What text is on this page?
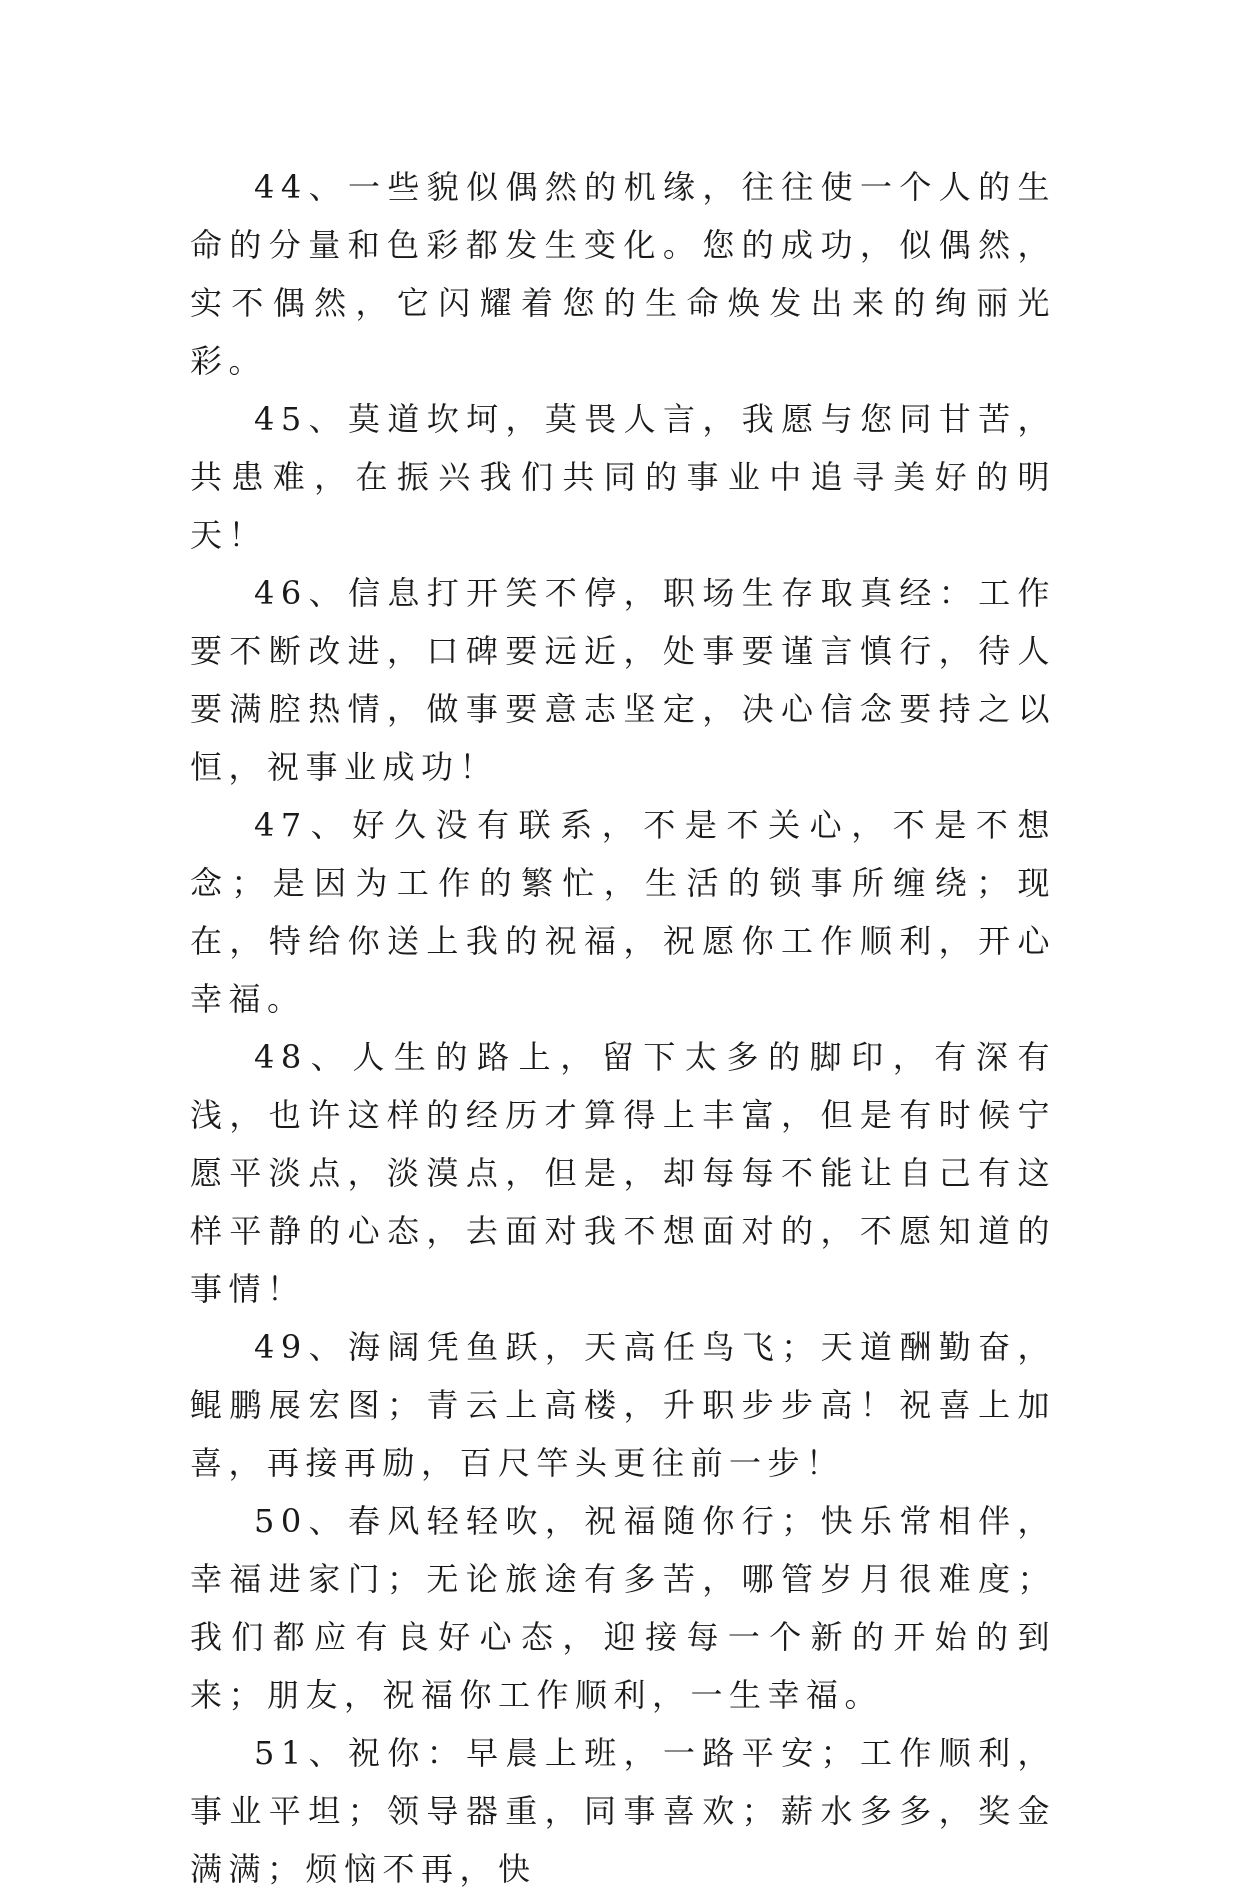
44、一些貌似偶然的机缘，往往使一个人的生命的分量和色彩都发生变化。您的成功，似偶然，实不偶然，它闪耀着您的生命焕发出来的绚丽光彩。

45、莫道坎坷，莫畏人言，我愿与您同甘苦，共患难，在振兴我们共同的事业中追寻美好的明天！

46、信息打开笑不停，职场生存取真经：工作要不断改进，口碑要远近，处事要谨言慎行，待人要满腔热情，做事要意志坚定，决心信念要持之以恒，祝事业成功！

47、好久没有联系，不是不关心，不是不想念；是因为工作的繁忙，生活的锁事所缠绕；现在，特给你送上我的祝福，祝愿你工作顺利，开心幸福。

48、人生的路上，留下太多的脚印，有深有浅，也许这样的经历才算得上丰富，但是有时候宁愿平淡点，淡漠点，但是，却每每不能让自己有这样平静的心态，去面对我不想面对的，不愿知道的事情！

49、海阔凭鱼跃，天高任鸟飞；天道酬勤奋，鲲鹏展宏图；青云上高楼，升职步步高！祝喜上加喜，再接再励，百尺竿头更往前一步！

50、春风轻轻吹，祝福随你行；快乐常相伴，幸福进家门；无论旅途有多苦，哪管岁月很难度；我们都应有良好心态，迎接每一个新的开始的到来；朋友，祝福你工作顺利，一生幸福。

51、祝你：早晨上班，一路平安；工作顺利，事业平坦；领导器重，同事喜欢；薪水多多，奖金满满；烦恼不再，快
